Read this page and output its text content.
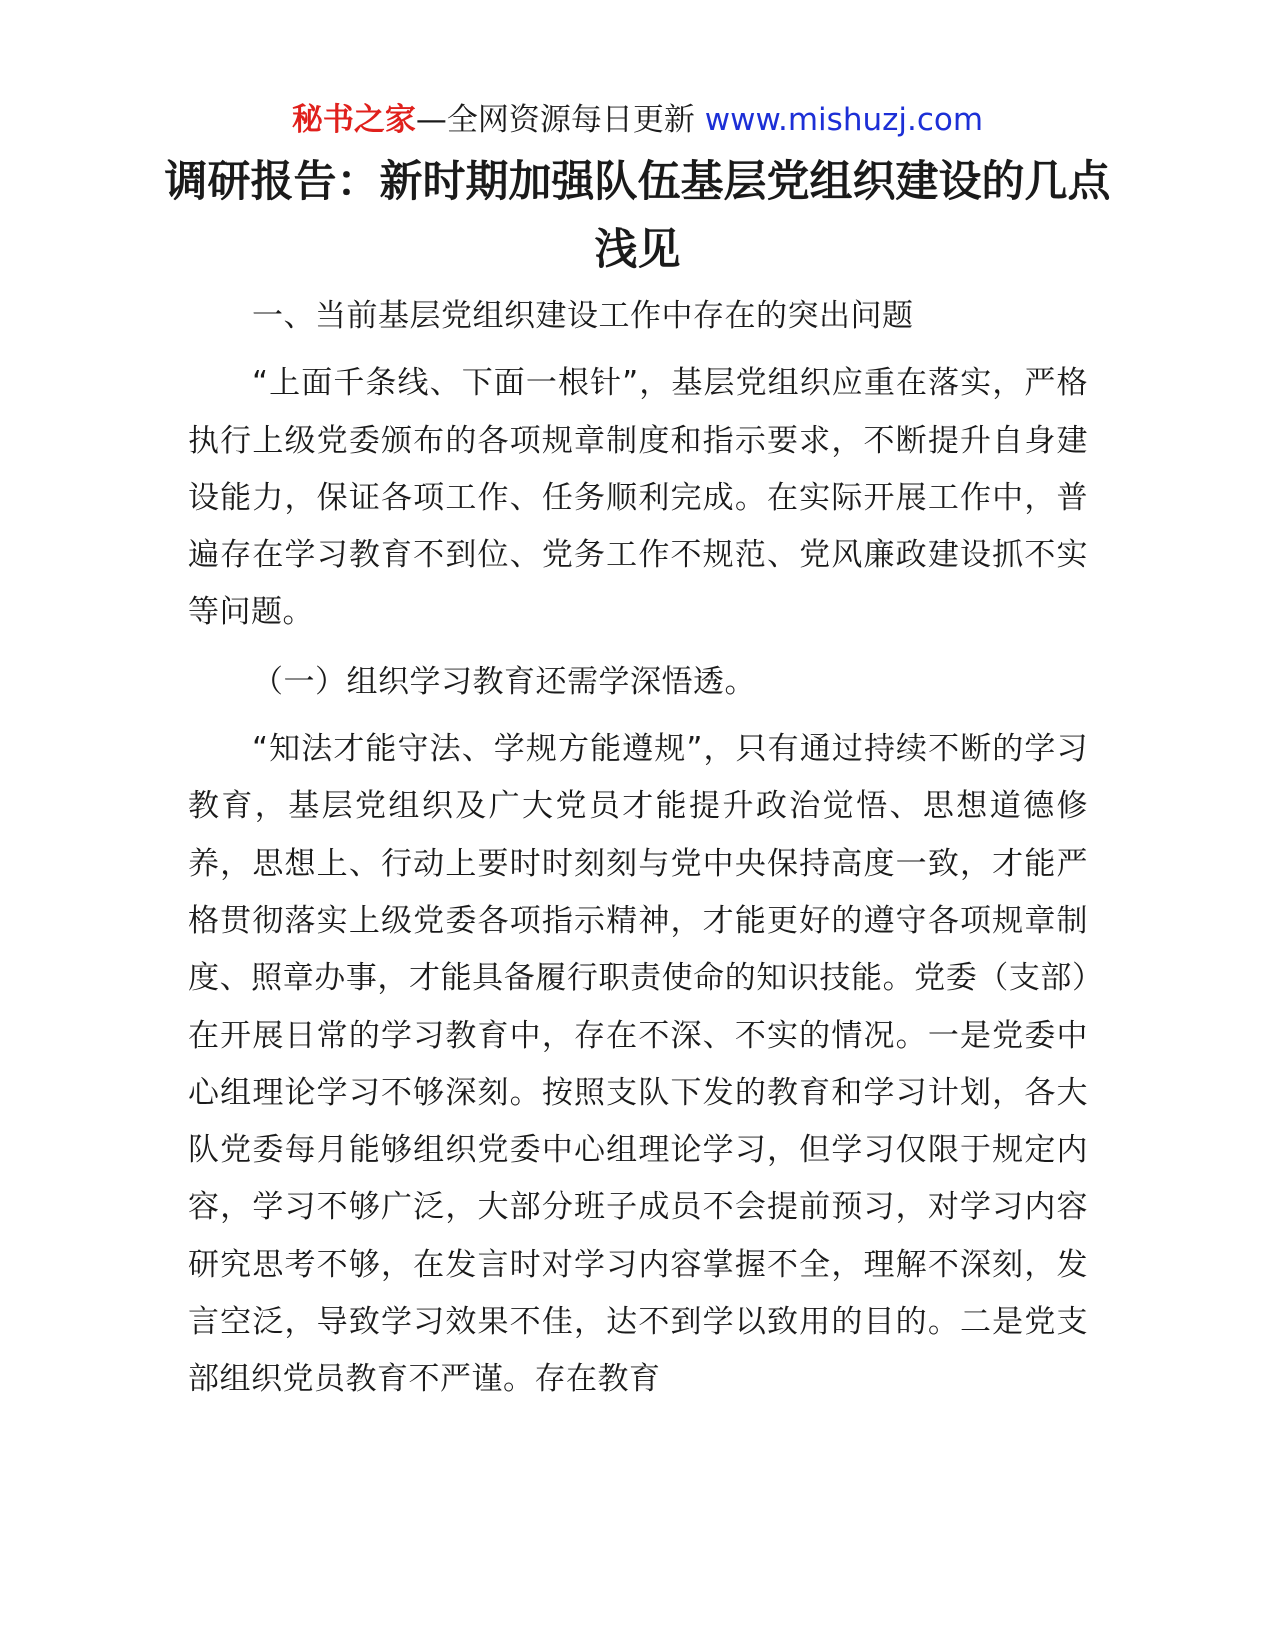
秘书之家—全网资源每日更新 www.mishuzj.com
调研报告：新时期加强队伍基层党组织建设的几点浅见

一、当前基层党组织建设工作中存在的突出问题

“上面千条线、下面一根针”，基层党组织应重在落实，严格执行上级党委颁布的各项规章制度和指示要求，不断提升自身建设能力，保证各项工作、任务顺利完成。在实际开展工作中，普遍存在学习教育不到位、党务工作不规范、党风廉政建设抓不实等问题。

（一）组织学习教育还需学深悟透。

“知法才能守法、学规方能遵规”，只有通过持续不断的学习教育，基层党组织及广大党员才能提升政治觉悟、思想道德修养，思想上、行动上要时时刻刻与党中央保持高度一致，才能严格贯彻落实上级党委各项指示精神，才能更好的遵守各项规章制度、照章办事，才能具备履行职责使命的知识技能。党委（支部）在开展日常的学习教育中，存在不深、不实的情况。一是党委中心组理论学习不够深刻。按照支队下发的教育和学习计划，各大队党委每月能够组织党委中心组理论学习，但学习仅限于规定内容，学习不够广泛，大部分班子成员不会提前预习，对学习内容研究思考不够，在发言时对学习内容掌握不全，理解不深刻，发言空泛，导致学习效果不佳，达不到学以致用的目的。二是党支部组织党员教育不严谨。存在教育
